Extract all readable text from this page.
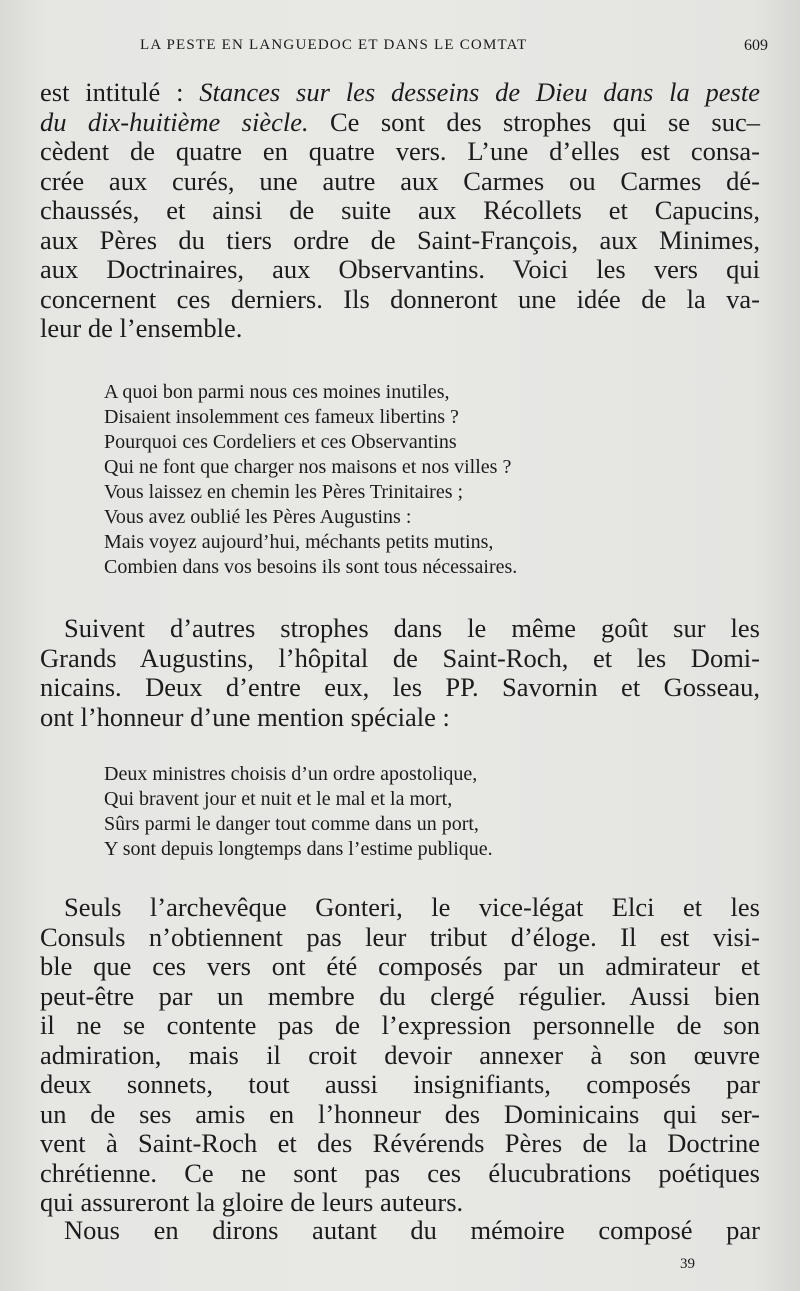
LA PESTE EN LANGUEDOC ET DANS LE COMTAT	609
est intitulé : Stances sur les desseins de Dieu dans la peste
du dix-huitième siècle. Ce sont des strophes qui se suc–
cèdent de quatre en quatre vers. L’une d’elles est consa-
crée aux curés, une autre aux Carmes ou Carmes dé-
chaussés, et ainsi de suite aux Récollets et Capucins,
aux Pères du tiers ordre de Saint-François, aux Minimes,
aux Doctrinaires, aux Observantins. Voici les vers qui
concernent ces derniers. Ils donneront une idée de la va-
leur de l’ensemble.
A quoi bon parmi nous ces moines inutiles,
Disaient insolemment ces fameux libertins ?
Pourquoi ces Cordeliers et ces Observantins
Qui ne font que charger nos maisons et nos villes ?
Vous laissez en chemin les Pères Trinitaires ;
Vous avez oublié les Pères Augustins :
Mais voyez aujourd’hui, méchants petits mutins,
Combien dans vos besoins ils sont tous nécessaires.
Suivent d’autres strophes dans le même goût sur les
Grands Augustins, l’hôpital de Saint-Roch, et les Domi-
nicains. Deux d’entre eux, les PP. Savornin et Gosseau,
ont l’honneur d’une mention spéciale :
Deux ministres choisis d’un ordre apostolique,
Qui bravent jour et nuit et le mal et la mort,
Sûrs parmi le danger tout comme dans un port,
Y sont depuis longtemps dans l’estime publique.
Seuls l’archevêque Gonteri, le vice-légat Elci et les
Consuls n’obtiennent pas leur tribut d’éloge. Il est visi-
ble que ces vers ont été composés par un admirateur et
peut-être par un membre du clergé régulier. Aussi bien
il ne se contente pas de l’expression personnelle de son
admiration, mais il croit devoir annexer à son œuvre
deux sonnets, tout aussi insignifiants, composés par
un de ses amis en l’honneur des Dominicains qui ser-
vent à Saint-Roch et des Révérends Pères de la Doctrine
chrétienne. Ce ne sont pas ces élucubrations poétiques
qui assureront la gloire de leurs auteurs.
Nous en dirons autant du mémoire composé par
39
